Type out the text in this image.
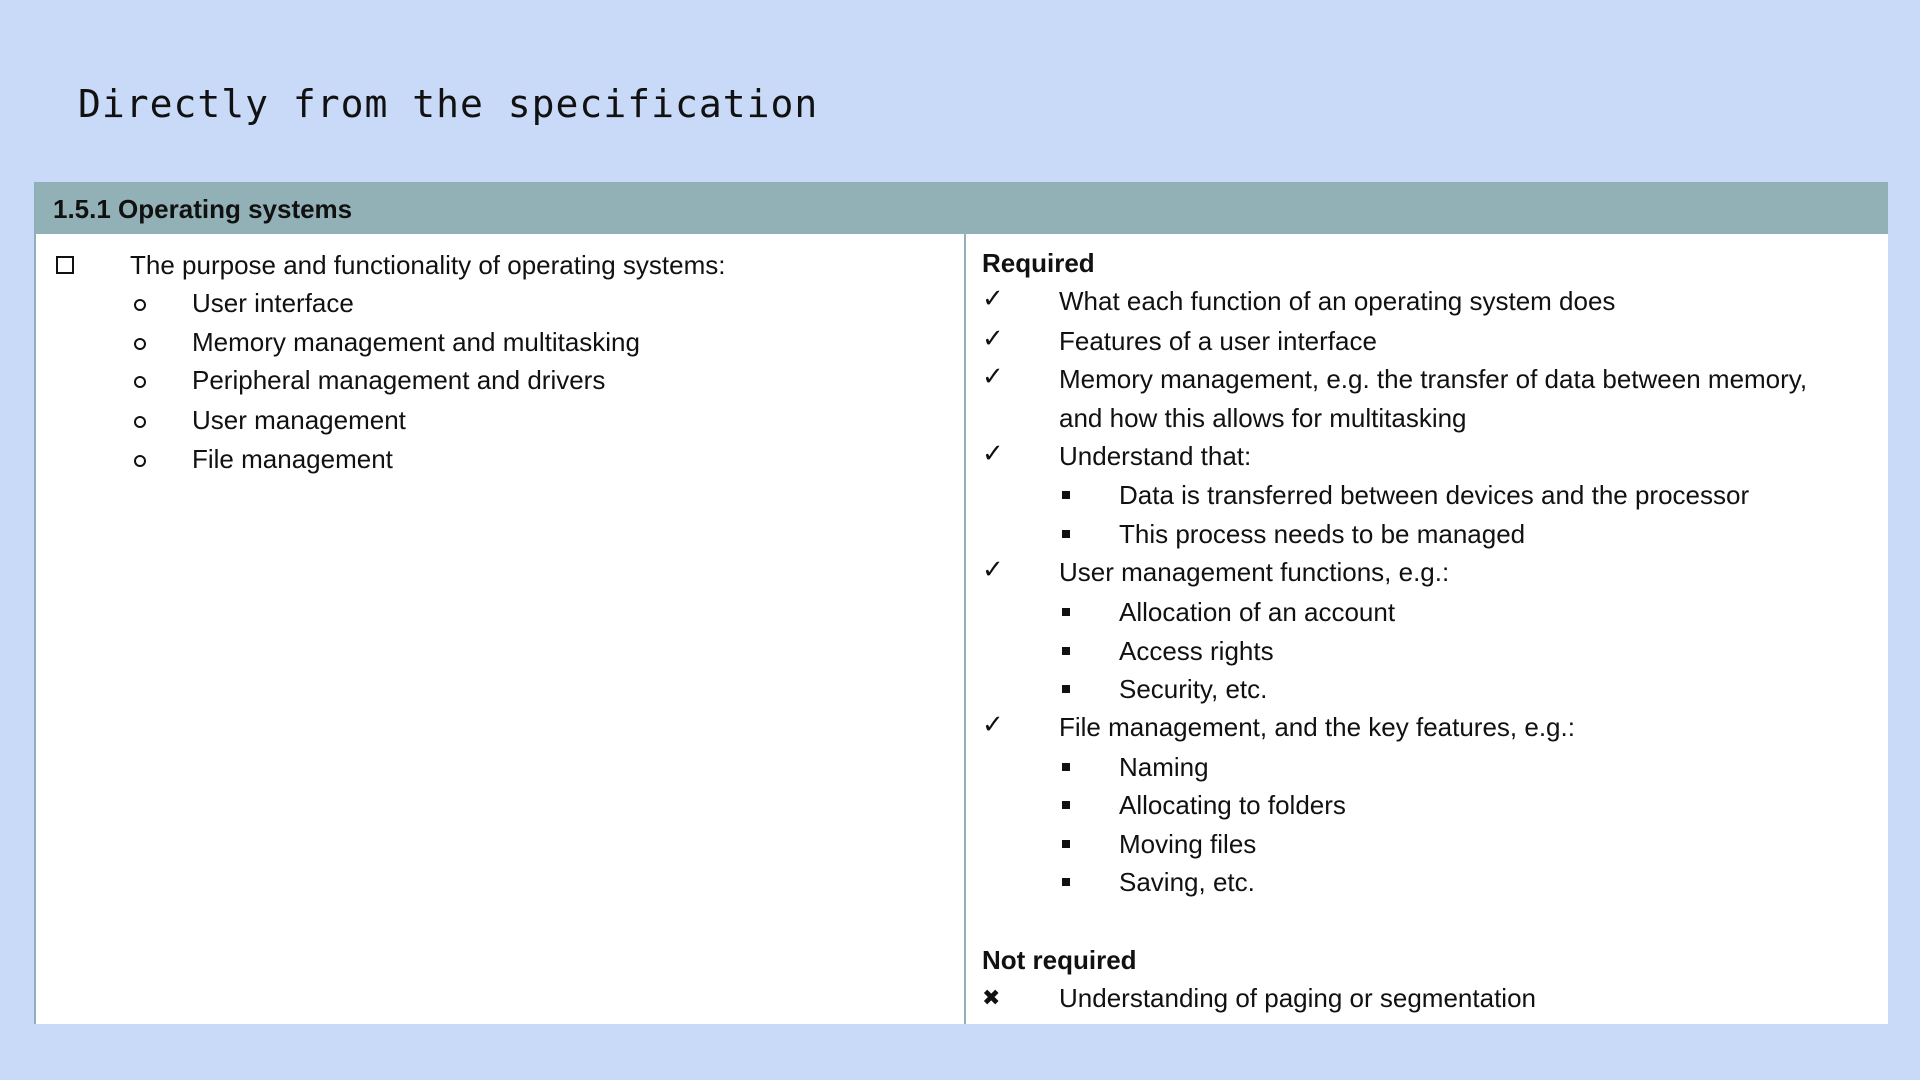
Directly from the specification
1.5.1 Operating systems
The purpose and functionality of operating systems:
User interface
Memory management and multitasking
Peripheral management and drivers
User management
File management
Required
✓ What each function of an operating system does
✓ Features of a user interface
✓ Memory management, e.g. the transfer of data between memory,
and how this allows for multitasking
✓ Understand that:
Data is transferred between devices and the processor
This process needs to be managed
✓ User management functions, e.g.:
Allocation of an account
Access rights
Security, etc.
✓ File management, and the key features, e.g.:
Naming
Allocating to folders
Moving files
Saving, etc.
Not required
✖ Understanding of paging or segmentation
